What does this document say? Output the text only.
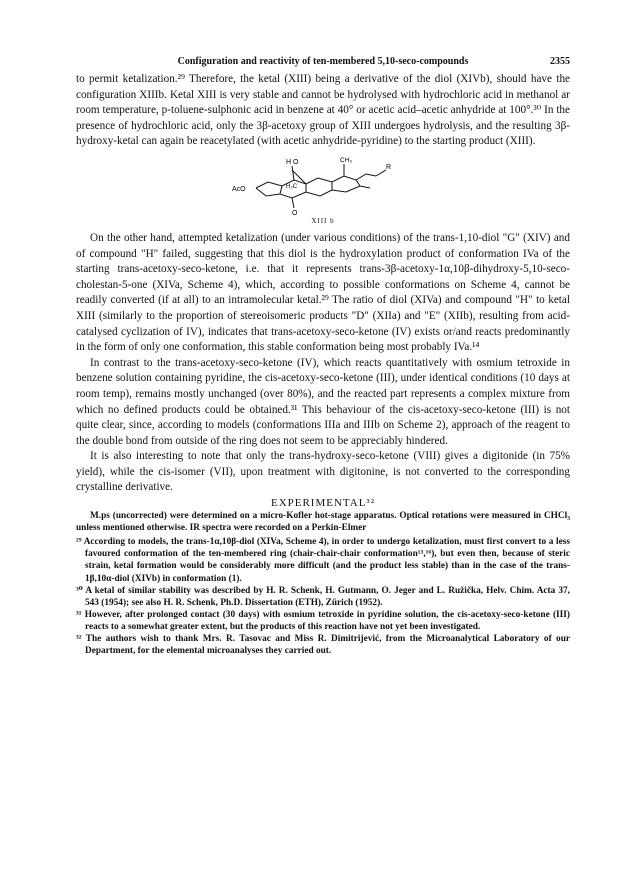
Configuration and reactivity of ten-membered 5,10-seco-compounds	2355

to permit ketalization.²⁹ Therefore, the ketal (XIII) being a derivative of the diol (XIVb), should have the configuration XIIIb. Ketal XIII is very stable and cannot be hydrolysed with hydrochloric acid in methanol ar room temperature, p-toluene-sulphonic acid in benzene at 40° or acetic acid–acetic anhydride at 100°.³⁰ In the presence of hydrochloric acid, only the 3β-acetoxy group of XIII undergoes hydrolysis, and the resulting 3β-hydroxy-ketal can again be reacetylated (with acetic anhydride-pyridine) to the starting product (XIII).

H O	CH₃
R
AcO	H₃C
O
XIII b

On the other hand, attempted ketalization (under various conditions) of the trans-1,10-diol "G" (XIV) and of compound "H" failed, suggesting that this diol is the hydroxylation product of conformation IVa of the starting trans-acetoxy-seco-ketone, i.e. that it represents trans-3β-acetoxy-1α,10β-dihydroxy-5,10-seco-cholestan-5-one (XIVa, Scheme 4), which, according to possible conformations on Scheme 4, cannot be readily converted (if at all) to an intramolecular ketal.²⁹ The ratio of diol (XIVa) and compound "H" to ketal XIII (similarly to the proportion of stereoisomeric products "D" (XIIa) and "E" (XIIb), resulting from acid-catalysed cyclization of IV), indicates that trans-acetoxy-seco-ketone (IV) exists or/and reacts predominantly in the form of only one conformation, this stable conformation being most probably IVa.¹⁴

In contrast to the trans-acetoxy-seco-ketone (IV), which reacts quantitatively with osmium tetroxide in benzene solution containing pyridine, the cis-acetoxy-seco-ketone (III), under identical conditions (10 days at room temp), remains mostly unchanged (over 80%), and the reacted part represents a complex mixture from which no defined products could be obtained.³¹ This behaviour of the cis-acetoxy-seco-ketone (III) is not quite clear, since, according to models (conformations IIIa and IIIb on Scheme 2), approach of the reagent to the double bond from outside of the ring does not seem to be appreciably hindered.

It is also interesting to note that only the trans-hydroxy-seco-ketone (VIII) gives a digitonide (in 75% yield), while the cis-isomer (VII), upon treatment with digitonine, is not converted to the corresponding crystalline derivative.

EXPERIMENTAL³²

M.ps (uncorrected) were determined on a micro-Kofler hot-stage apparatus. Optical rotations were measured in CHCl₃ unless mentioned otherwise. IR spectra were recorded on a Perkin-Elmer

²⁹ According to models, the trans-1α,10β-diol (XIVa, Scheme 4), in order to undergo ketalization, must first convert to a less favoured conformation of the ten-membered ring (chair-chair-chair conformation¹³,¹⁶), but even then, because of steric strain, ketal formation would be considerably more difficult (and the product less stable) than in the case of the trans-1β,10α-diol (XIVb) in conformation (1).

³⁰ A ketal of similar stability was described by H. R. Schenk, H. Gutmann, O. Jeger and L. Ružička, Helv. Chim. Acta 37, 543 (1954); see also H. R. Schenk, Ph.D. Dissertation (ETH), Zürich (1952).

³¹ However, after prolonged contact (30 days) with osmium tetroxide in pyridine solution, the cis-acetoxy-seco-ketone (III) reacts to a somewhat greater extent, but the products of this reaction have not yet been investigated.

³² The authors wish to thank Mrs. R. Tasovac and Miss R. Dimitrijević, from the Microanalytical Laboratory of our Department, for the elemental microanalyses they carried out.
